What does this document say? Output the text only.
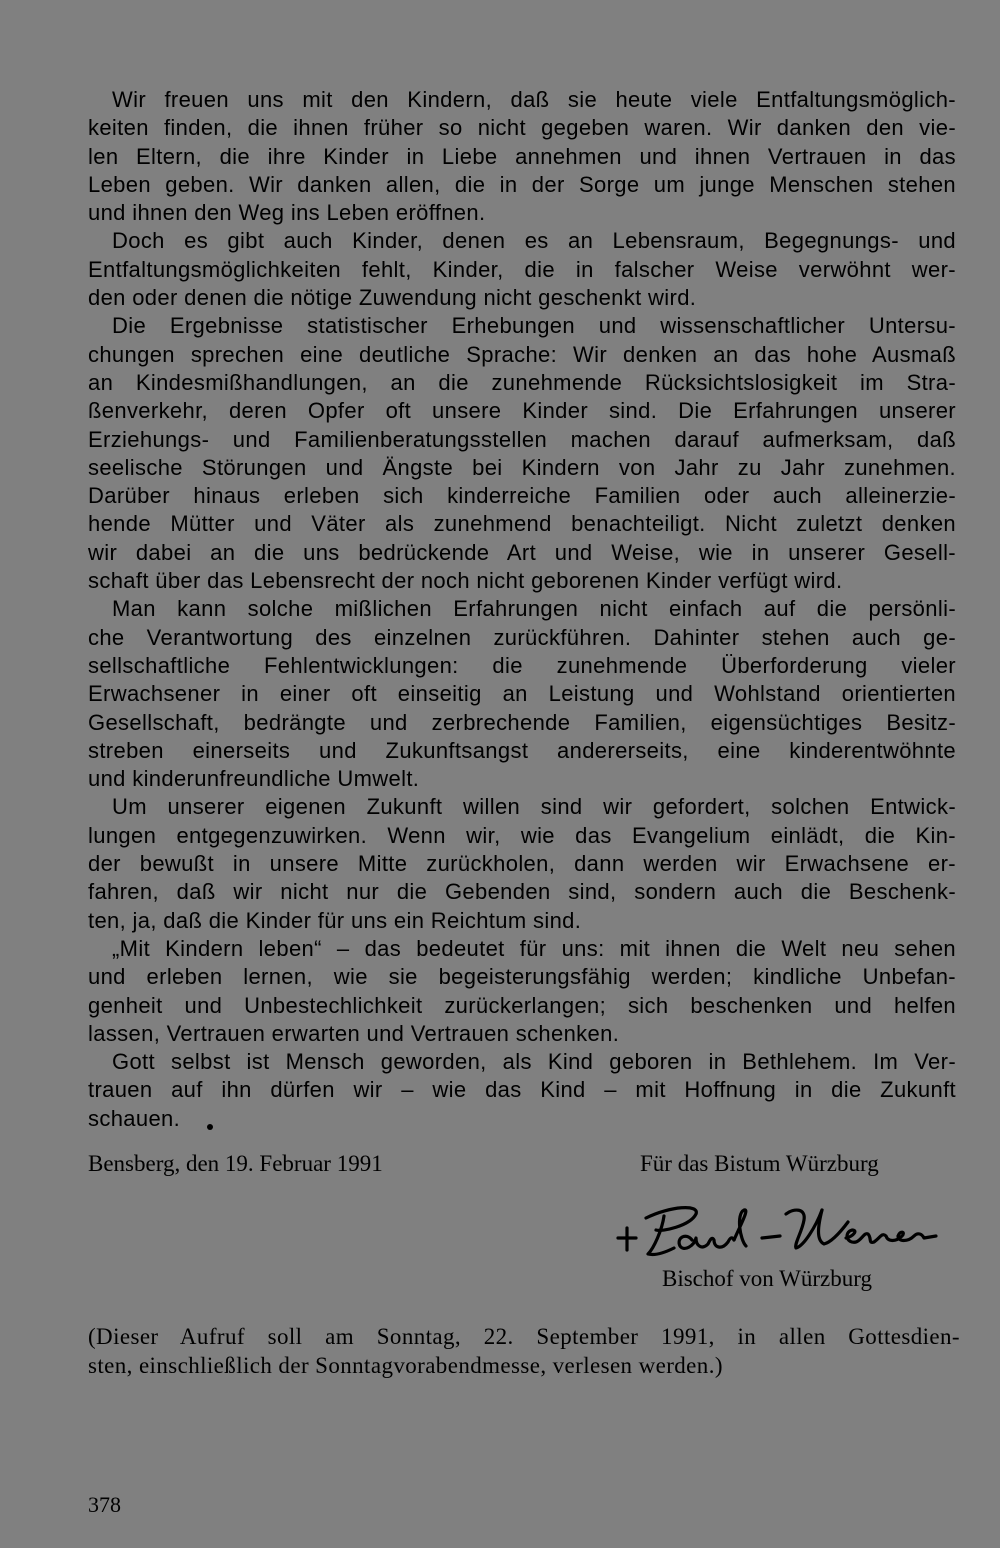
Wir freuen uns mit den Kindern, daß sie heute viele Entfaltungsmöglich-
keiten finden, die ihnen früher so nicht gegeben waren. Wir danken den vie-
len Eltern, die ihre Kinder in Liebe annehmen und ihnen Vertrauen in das
Leben geben. Wir danken allen, die in der Sorge um junge Menschen stehen
und ihnen den Weg ins Leben eröffnen.
Doch es gibt auch Kinder, denen es an Lebensraum, Begegnungs- und
Entfaltungsmöglichkeiten fehlt, Kinder, die in falscher Weise verwöhnt wer-
den oder denen die nötige Zuwendung nicht geschenkt wird.
Die Ergebnisse statistischer Erhebungen und wissenschaftlicher Untersu-
chungen sprechen eine deutliche Sprache: Wir denken an das hohe Ausmaß
an Kindesmißhandlungen, an die zunehmende Rücksichtslosigkeit im Stra-
ßenverkehr, deren Opfer oft unsere Kinder sind. Die Erfahrungen unserer
Erziehungs- und Familienberatungsstellen machen darauf aufmerksam, daß
seelische Störungen und Ängste bei Kindern von Jahr zu Jahr zunehmen.
Darüber hinaus erleben sich kinderreiche Familien oder auch alleinerzie-
hende Mütter und Väter als zunehmend benachteiligt. Nicht zuletzt denken
wir dabei an die uns bedrückende Art und Weise, wie in unserer Gesell-
schaft über das Lebensrecht der noch nicht geborenen Kinder verfügt wird.
Man kann solche mißlichen Erfahrungen nicht einfach auf die persönli-
che Verantwortung des einzelnen zurückführen. Dahinter stehen auch ge-
sellschaftliche Fehlentwicklungen: die zunehmende Überforderung vieler
Erwachsener in einer oft einseitig an Leistung und Wohlstand orientierten
Gesellschaft, bedrängte und zerbrechende Familien, eigensüchtiges Besitz-
streben einerseits und Zukunftsangst andererseits, eine kinderentwöhnte
und kinderunfreundliche Umwelt.
Um unserer eigenen Zukunft willen sind wir gefordert, solchen Entwick-
lungen entgegenzuwirken. Wenn wir, wie das Evangelium einlädt, die Kin-
der bewußt in unsere Mitte zurückholen, dann werden wir Erwachsene er-
fahren, daß wir nicht nur die Gebenden sind, sondern auch die Beschenk-
ten, ja, daß die Kinder für uns ein Reichtum sind.
„Mit Kindern leben“ – das bedeutet für uns: mit ihnen die Welt neu sehen
und erleben lernen, wie sie begeisterungsfähig werden; kindliche Unbefan-
genheit und Unbestechlichkeit zurückerlangen; sich beschenken und helfen
lassen, Vertrauen erwarten und Vertrauen schenken.
Gott selbst ist Mensch geworden, als Kind geboren in Bethlehem. Im Ver-
trauen auf ihn dürfen wir – wie das Kind – mit Hoffnung in die Zukunft
schauen.
Bensberg, den 19. Februar 1991	Für das Bistum Würzburg
Bischof von Würzburg
(Dieser Aufruf soll am Sonntag, 22. September 1991, in allen Gottesdien-
sten, einschließlich der Sonntagvorabendmesse, verlesen werden.)
378
